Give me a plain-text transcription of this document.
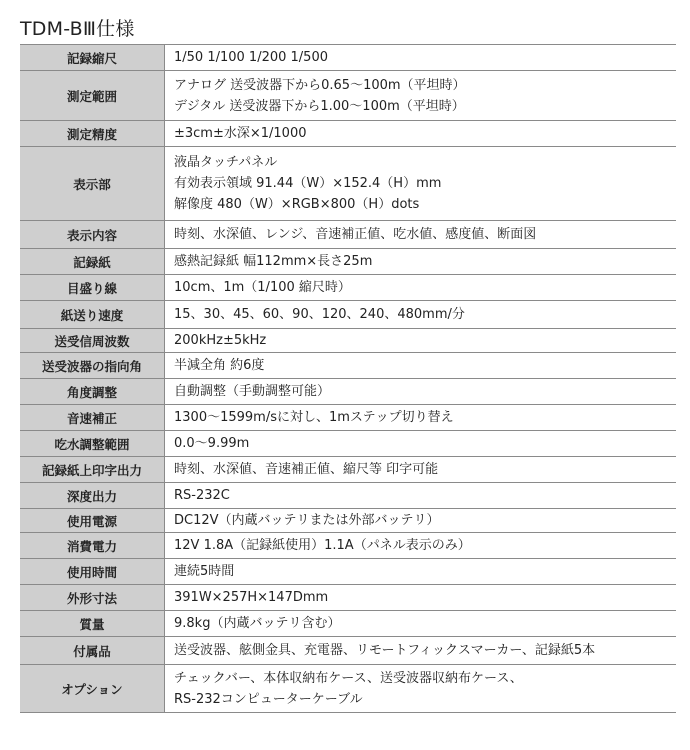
TDM-BⅢ仕様
記録縮尺	1/50 1/100 1/200 1/500

測定範囲	アナログ 送受波器下から0.65〜100m（平坦時）
デジタル 送受波器下から1.00〜100m（平坦時）

測定精度	±3cm±水深×1/1000

表示部	液晶タッチパネル
有効表示領域 91.44（W）×152.4（H）mm
解像度 480（W）×RGB×800（H）dots

表示内容	時刻、水深値、レンジ、音速補正値、吃水値、感度値、断面図

記録紙	感熱記録紙 幅112mm×長さ25m

目盛り線	10cm、1m（1/100 縮尺時）

紙送り速度	15、30、45、60、90、120、240、480mm/分

送受信周波数	200kHz±5kHz

送受波器の指向角	半減全角 約6度

角度調整	自動調整（手動調整可能）

音速補正	1300〜1599m/sに対し、1mステップ切り替え

吃水調整範囲	0.0〜9.99m

記録紙上印字出力	時刻、水深値、音速補正値、縮尺等 印字可能

深度出力	RS-232C

使用電源	DC12V（内蔵バッテリまたは外部バッテリ）

消費電力	12V 1.8A（記録紙使用）1.1A（パネル表示のみ）

使用時間	連続5時間

外形寸法	391W×257H×147Dmm

質量	9.8kg（内蔵バッテリ含む）

付属品	送受波器、舷側金具、充電器、リモートフィックスマーカー、記録紙5本

オプション	チェックバー、本体収納布ケース、送受波器収納布ケース、
RS-232コンピューターケーブル
